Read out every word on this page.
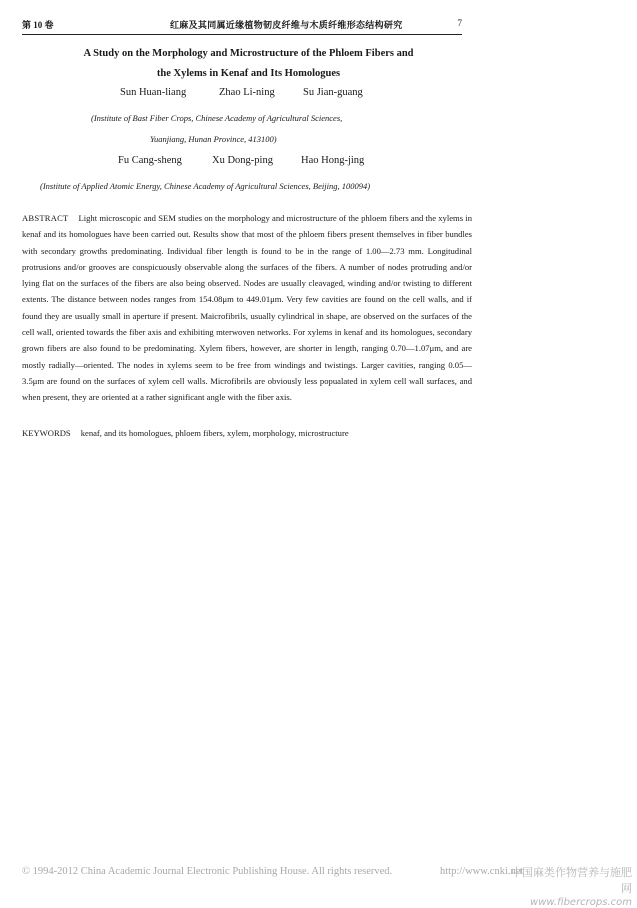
第 10 卷	红麻及其同属近缘植物韧皮纤维与木质纤维形态结构研究	7
A Study on the Morphology and Microstructure of the Phloem Fibers and
the Xylems in Kenaf and Its Homologues
Sun Huan-liang	Zhao Li-ning	Su Jian-guang
(Institute of Bast Fiber Crops, Chinese Academy of Agricultural Sciences,
Yuanjiang, Hunan Province, 413100)
Fu Cang-sheng	Xu Dong-ping	Hao Hong-jing
(Institute of Applied Atomic Energy, Chinese Academy of Agricultural Sciences, Beijing, 100094)
ABSTRACT Light microscopic and SEM studies on the morphology and microstructure of the phloem fibers and the xylems in kenaf and its homologues have been carried out. Results show that most of the phloem fibers present themselves in fiber bundles with secondary growths predominating. Individual fiber length is found to be in the range of 1.00—2.73 mm. Longitudinal protrusions and/or grooves are conspicuously observable along the surfaces of the fibers. A number of nodes protruding and/or lying flat on the surfaces of the fibers are also being observed. Nodes are usually cleavaged, winding and/or twisting to different extents. The distance between nodes ranges from 154.08μm to 449.01μm. Very few cavities are found on the cell walls, and if found they are usually small in aperture if present. Maicrofibrils, usually cylindrical in shape, are observed on the surfaces of the cell wall, oriented towards the fiber axis and exhibiting mterwoven networks. For xylems in kenaf and its homologues, secondary grown fibers are also found to be predominating. Xylem fibers, however, are shorter in length, ranging 0.70—1.07μm, and are mostly radially—oriented. The nodes in xylems seem to be free from windings and twistings. Larger cavities, ranging 0.05—3.5μm are found on the surfaces of xylem cell walls. Microfibrils are obviously less popualated in xylem cell wall surfaces, and when present, they are oriented at a rather significant angle with the fiber axis.
KEYWORDS kenaf, and its homologues, phloem fibers, xylem, morphology, microstructure
© 1994-2012 China Academic Journal Electronic Publishing House. All rights reserved.	http://www.cnki.net
中国麻类作物营养与施肥网
www.fibercrops.com
